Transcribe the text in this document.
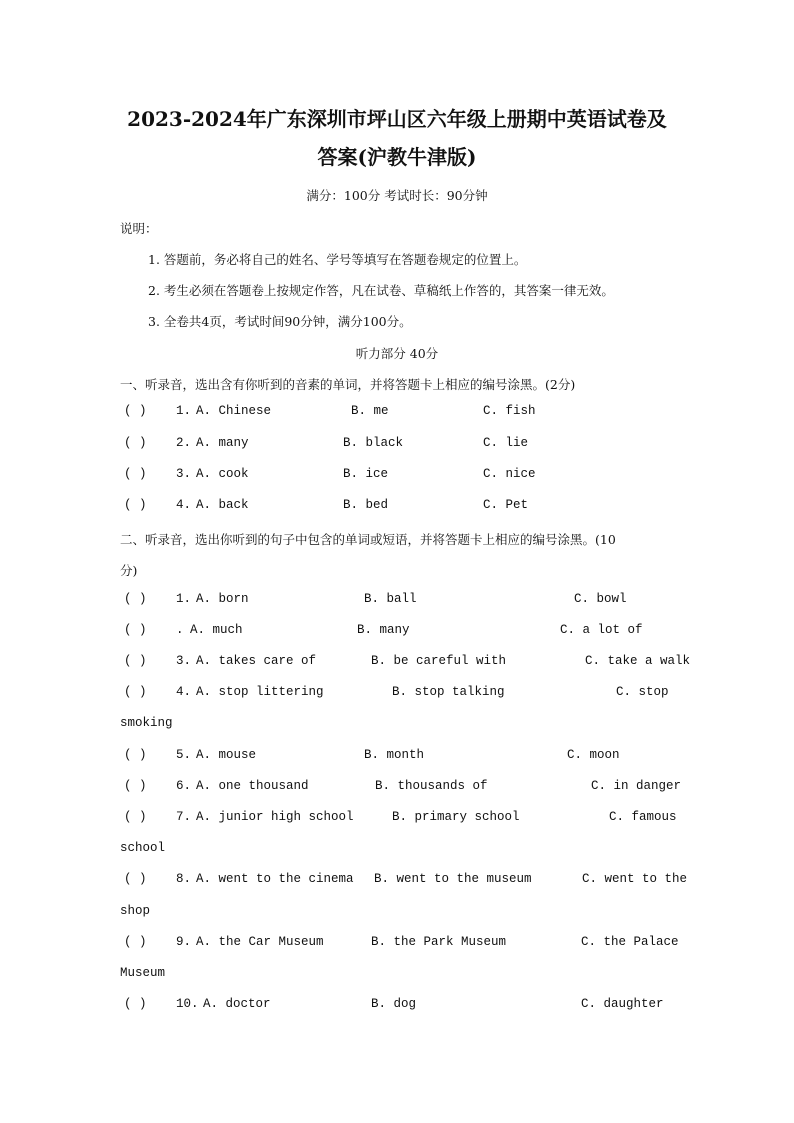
2023-2024年广东深圳市坪山区六年级上册期中英语试卷及
答案(沪教牛津版)
满分：100分 考试时长：90分钟
说明：
1. 答题前，务必将自己的姓名、学号等填写在答题卷规定的位置上。
2. 考生必须在答题卷上按规定作答，凡在试卷、草稿纸上作答的，其答案一律无效。
3. 全卷共4页，考试时间90分钟，满分100分。
听力部分 40分
一、听录音，选出含有你听到的音素的单词，并将答题卡上相应的编号涂黑。(2分)
( ) 1. A. Chinese	B. me	C. fish
( ) 2. A. many	B. black	C. lie
( ) 3. A. cook	B. ice	C. nice
( ) 4. A. back	B. bed	C. Pet
二、听录音，选出你听到的句子中包含的单词或短语，并将答题卡上相应的编号涂黑。(10
分)
( ) 1. A. born	B. ball	C. bowl
( ) . A. much	B. many	C. a lot of
( ) 3. A. takes care of	B. be careful with	C. take a walk
( ) 4. A. stop littering	B. stop talking	C. stop
smoking
( ) 5. A. mouse	B. month	C. moon
( ) 6. A. one thousand	B. thousands of	C. in danger
( ) 7. A. junior high school	B. primary school	C. famous
school
( ) 8. A. went to the cinema B. went to the museum	C. went to the
shop
( ) 9. A. the Car Museum	B. the Park Museum	C. the Palace
Museum
( ) 10. A. doctor	B. dog	C. daughter
